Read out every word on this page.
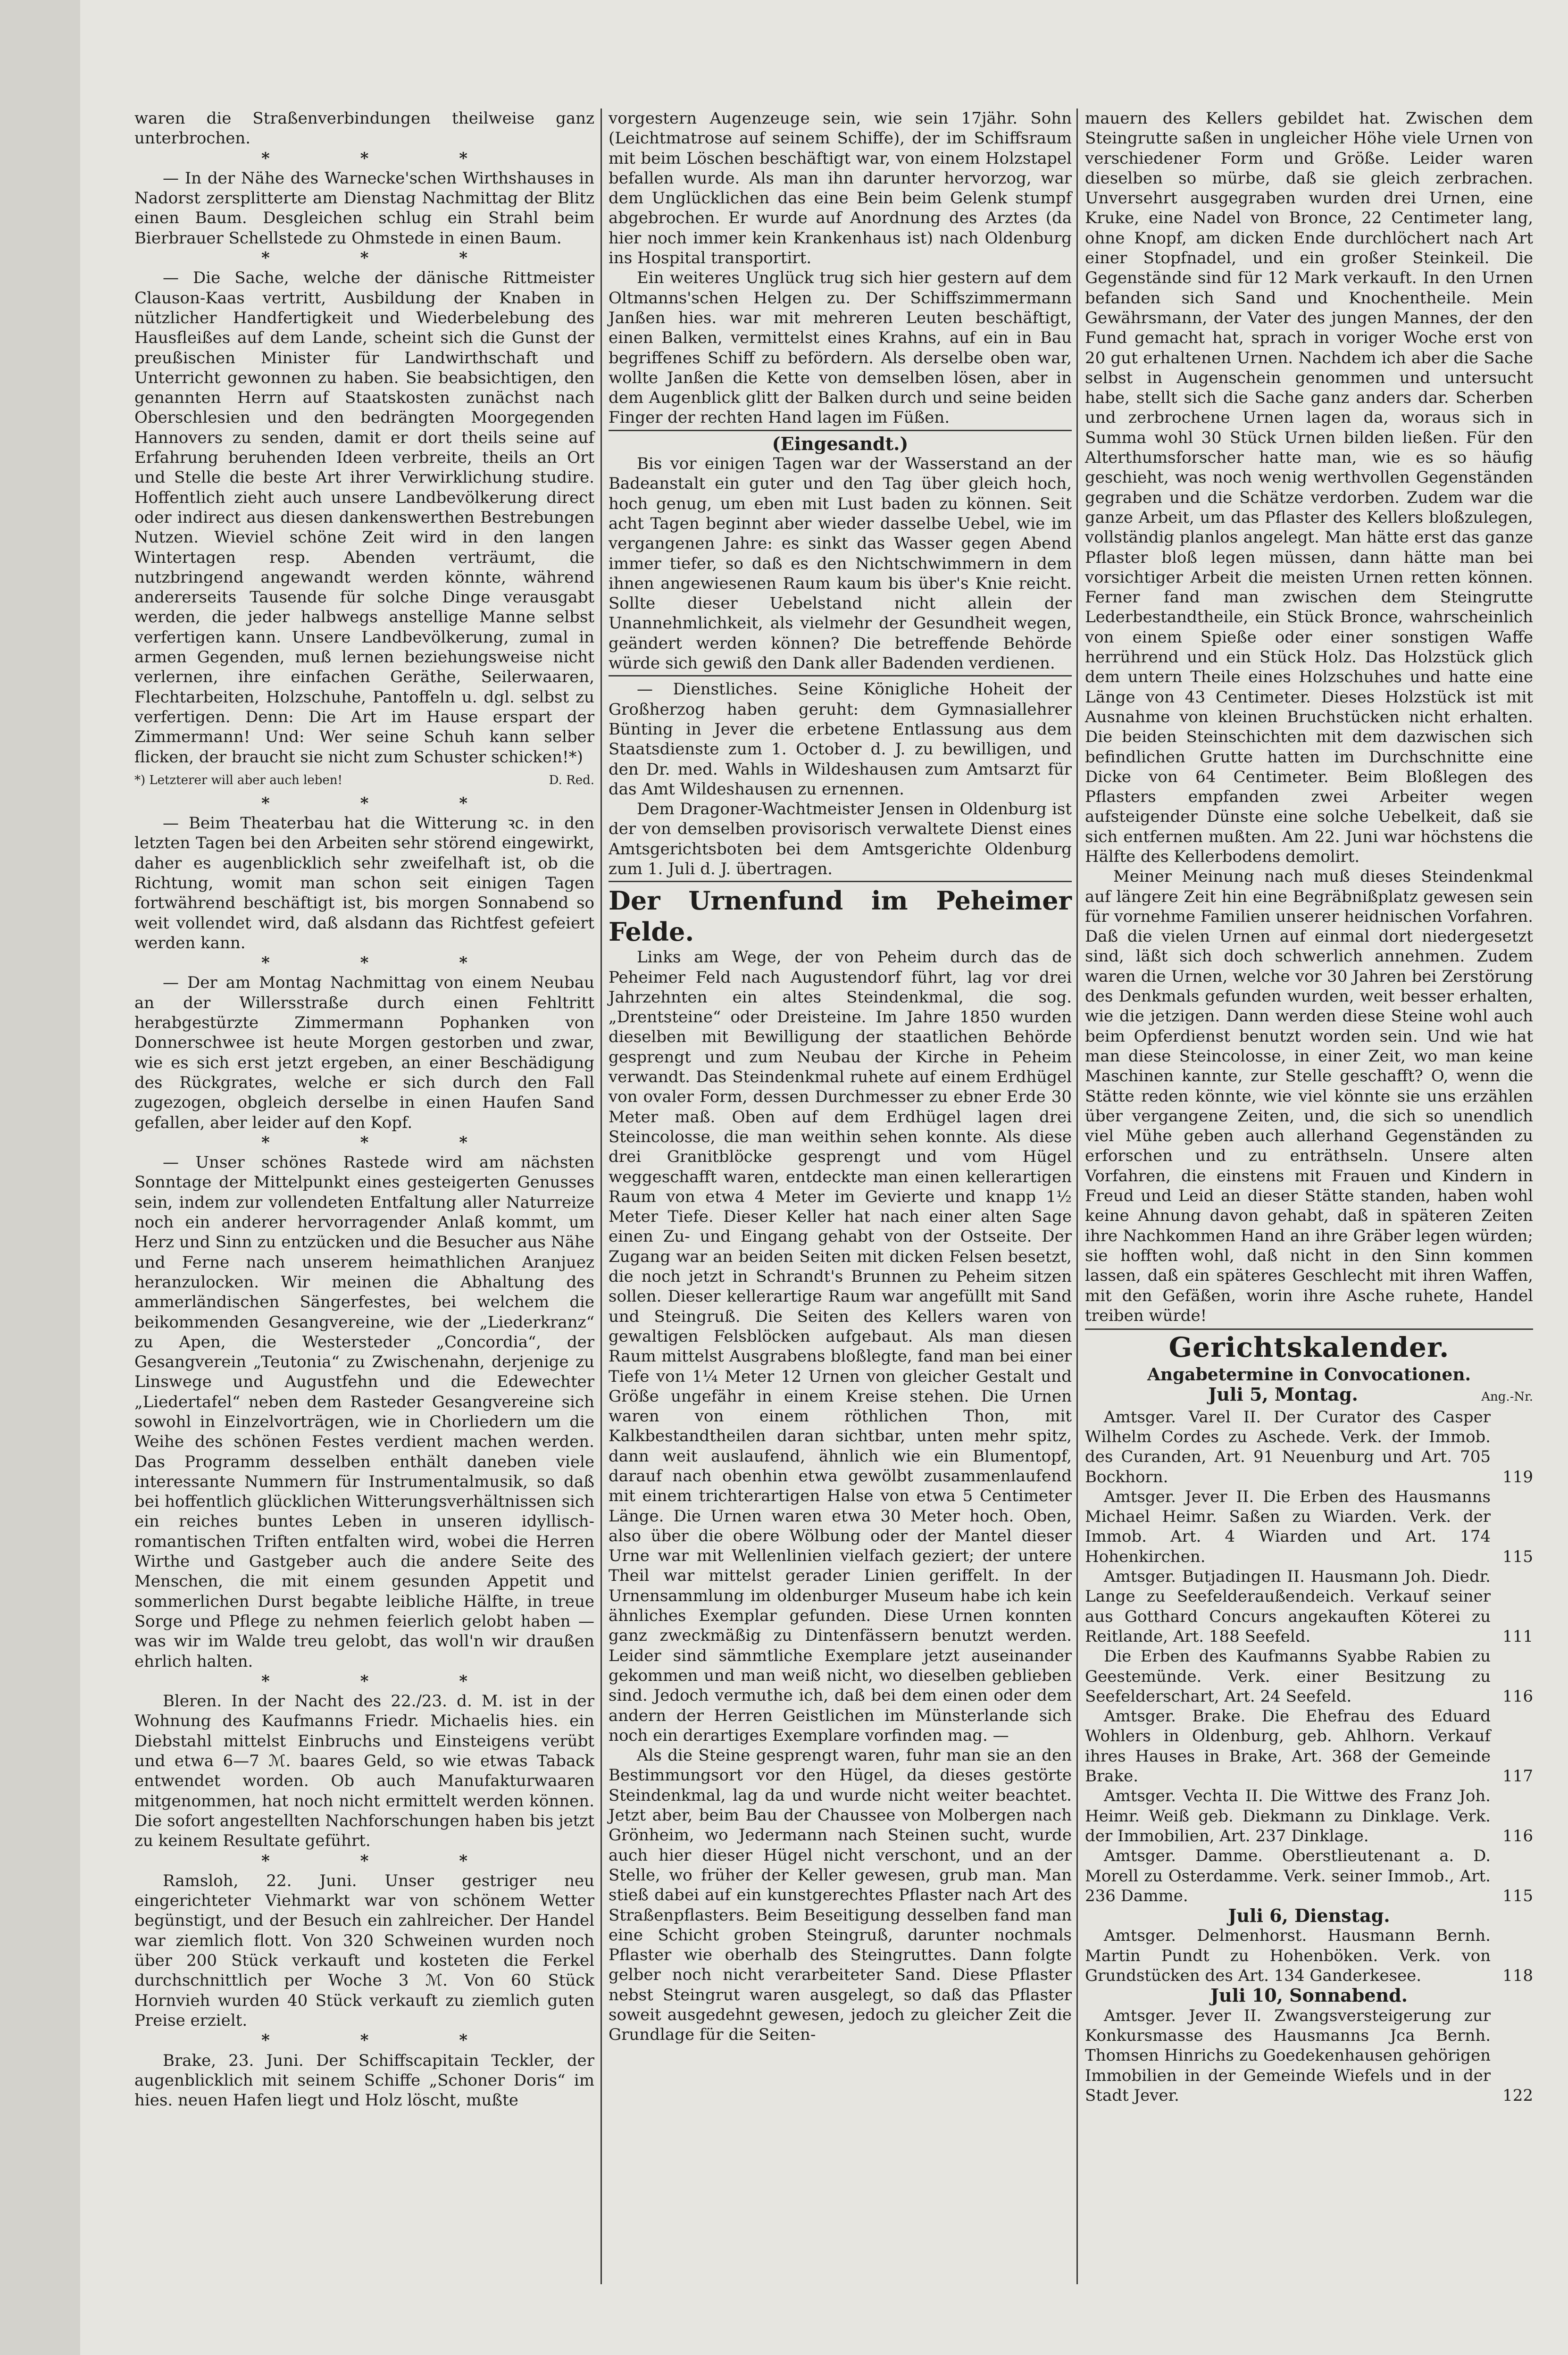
waren die Straßenverbindungen theilweise ganz unterbrochen.

* * *

— In der Nähe des Warnecke'schen Wirthshauses in Nadorst zersplitterte am Dienstag Nachmittag der Blitz einen Baum. Desgleichen schlug ein Strahl beim Bierbrauer Schellstede zu Ohmstede in einen Baum.

* * *

— Die Sache, welche der dänische Rittmeister Clauson-Kaas vertritt, Ausbildung der Knaben in nützlicher Handfertigkeit und Wiederbelebung des Hausfleißes auf dem Lande, scheint sich die Gunst der preußischen Minister für Landwirthschaft und Unterricht gewonnen zu haben. Sie beabsichtigen, den genannten Herrn auf Staatskosten zunächst nach Oberschlesien und den bedrängten Moorgegenden Hannovers zu senden, damit er dort theils seine auf Erfahrung beruhenden Ideen verbreite, theils an Ort und Stelle die beste Art ihrer Verwirklichung studire. Hoffentlich zieht auch unsere Landbevölkerung direct oder indirect aus diesen dankenswerthen Bestrebungen Nutzen. Wieviel schöne Zeit wird in den langen Wintertagen resp. Abenden verträumt, die nutzbringend angewandt werden könnte, während andererseits Tausende für solche Dinge verausgabt werden, die jeder halbwegs anstellige Manne selbst verfertigen kann. Unsere Landbevölkerung, zumal in armen Gegenden, muß lernen beziehungsweise nicht verlernen, ihre einfachen Geräthe, Seilerwaaren, Flechtarbeiten, Holzschuhe, Pantoffeln u. dgl. selbst zu verfertigen. Denn: Die Art im Hause erspart der Zimmermann! Und: Wer seine Schuh kann selber flicken, der braucht sie nicht zum Schuster schicken!*)

*) Letzterer will aber auch leben!	D. Red.

* * *

— Beim Theaterbau hat die Witterung ꝛc. in den letzten Tagen bei den Arbeiten sehr störend eingewirkt, daher es augenblicklich sehr zweifelhaft ist, ob die Richtung, womit man schon seit einigen Tagen fortwährend beschäftigt ist, bis morgen Sonnabend so weit vollendet wird, daß alsdann das Richtfest gefeiert werden kann.

* * *

— Der am Montag Nachmittag von einem Neubau an der Willersstraße durch einen Fehltritt herabgestürzte Zimmermann Pophanken von Donnerschwee ist heute Morgen gestorben und zwar, wie es sich erst jetzt ergeben, an einer Beschädigung des Rückgrates, welche er sich durch den Fall zugezogen, obgleich derselbe in einen Haufen Sand gefallen, aber leider auf den Kopf.

* * *

— Unser schönes Rastede wird am nächsten Sonntage der Mittelpunkt eines gesteigerten Genusses sein, indem zur vollendeten Entfaltung aller Naturreize noch ein anderer hervorragender Anlaß kommt, um Herz und Sinn zu entzücken und die Besucher aus Nähe und Ferne nach unserem heimathlichen Aranjuez heranzulocken. Wir meinen die Abhaltung des ammerländischen Sängerfestes, bei welchem die beikommenden Gesangvereine, wie der „Liederkranz“ zu Apen, die Westersteder „Concordia“, der Gesangverein „Teutonia“ zu Zwischenahn, derjenige zu Linswege und Augustfehn und die Edewechter „Liedertafel“ neben dem Rasteder Gesangvereine sich sowohl in Einzelvorträgen, wie in Chorliedern um die Weihe des schönen Festes verdient machen werden. Das Programm desselben enthält daneben viele interessante Nummern für Instrumentalmusik, so daß bei hoffentlich glücklichen Witterungsverhältnissen sich ein reiches buntes Leben in unseren idyllisch-romantischen Triften entfalten wird, wobei die Herren Wirthe und Gastgeber auch die andere Seite des Menschen, die mit einem gesunden Appetit und sommerlichen Durst begabte leibliche Hälfte, in treue Sorge und Pflege zu nehmen feierlich gelobt haben — was wir im Walde treu gelobt, das woll'n wir draußen ehrlich halten.

* * *

Bleren. In der Nacht des 22./23. d. M. ist in der Wohnung des Kaufmanns Friedr. Michaelis hies. ein Diebstahl mittelst Einbruchs und Einsteigens verübt und etwa 6—7 ℳ. baares Geld, so wie etwas Taback entwendet worden. Ob auch Manufakturwaaren mitgenommen, hat noch nicht ermittelt werden können. Die sofort angestellten Nachforschungen haben bis jetzt zu keinem Resultate geführt.

* * *

Ramsloh, 22. Juni. Unser gestriger neu eingerichteter Viehmarkt war von schönem Wetter begünstigt, und der Besuch ein zahlreicher. Der Handel war ziemlich flott. Von 320 Schweinen wurden noch über 200 Stück verkauft und kosteten die Ferkel durchschnittlich per Woche 3 ℳ. Von 60 Stück Hornvieh wurden 40 Stück verkauft zu ziemlich guten Preise erzielt.

* * *

Brake, 23. Juni. Der Schiffscapitain Teckler, der augenblicklich mit seinem Schiffe „Schoner Doris“ im hies. neuen Hafen liegt und Holz löscht, mußte

vorgestern Augenzeuge sein, wie sein 17jähr. Sohn (Leichtmatrose auf seinem Schiffe), der im Schiffsraum mit beim Löschen beschäftigt war, von einem Holzstapel befallen wurde. Als man ihn darunter hervorzog, war dem Unglücklichen das eine Bein beim Gelenk stumpf abgebrochen. Er wurde auf Anordnung des Arztes (da hier noch immer kein Krankenhaus ist) nach Oldenburg ins Hospital transportirt.

Ein weiteres Unglück trug sich hier gestern auf dem Oltmanns'schen Helgen zu. Der Schiffszimmermann Janßen hies. war mit mehreren Leuten beschäftigt, einen Balken, vermittelst eines Krahns, auf ein in Bau begriffenes Schiff zu befördern. Als derselbe oben war, wollte Janßen die Kette von demselben lösen, aber in dem Augenblick glitt der Balken durch und seine beiden Finger der rechten Hand lagen im Füßen.

(Eingesandt.)

Bis vor einigen Tagen war der Wasserstand an der Badeanstalt ein guter und den Tag über gleich hoch, hoch genug, um eben mit Lust baden zu können. Seit acht Tagen beginnt aber wieder dasselbe Uebel, wie im vergangenen Jahre: es sinkt das Wasser gegen Abend immer tiefer, so daß es den Nichtschwimmern in dem ihnen angewiesenen Raum kaum bis über's Knie reicht. Sollte dieser Uebelstand nicht allein der Unannehmlichkeit, als vielmehr der Gesundheit wegen, geändert werden können? Die betreffende Behörde würde sich gewiß den Dank aller Badenden verdienen.

— Dienstliches. Seine Königliche Hoheit der Großherzog haben geruht: dem Gymnasiallehrer Bünting in Jever die erbetene Entlassung aus dem Staatsdienste zum 1. October d. J. zu bewilligen, und den Dr. med. Wahls in Wildeshausen zum Amtsarzt für das Amt Wildeshausen zu ernennen.

Dem Dragoner-Wachtmeister Jensen in Oldenburg ist der von demselben provisorisch verwaltete Dienst eines Amtsgerichtsboten bei dem Amtsgerichte Oldenburg zum 1. Juli d. J. übertragen.

Der Urnenfund im Peheimer Felde.

Links am Wege, der von Peheim durch das de Peheimer Feld nach Augustendorf führt, lag vor drei Jahrzehnten ein altes Steindenkmal, die sog. „Drentsteine“ oder Dreisteine. Im Jahre 1850 wurden dieselben mit Bewilligung der staatlichen Behörde gesprengt und zum Neubau der Kirche in Peheim verwandt. Das Steindenkmal ruhete auf einem Erdhügel von ovaler Form, dessen Durchmesser zu ebner Erde 30 Meter maß. Oben auf dem Erdhügel lagen drei Steincolosse, die man weithin sehen konnte. Als diese drei Granitblöcke gesprengt und vom Hügel weggeschafft waren, entdeckte man einen kellerartigen Raum von etwa 4 Meter im Gevierte und knapp 1½ Meter Tiefe. Dieser Keller hat nach einer alten Sage einen Zu- und Eingang gehabt von der Ostseite. Der Zugang war an beiden Seiten mit dicken Felsen besetzt, die noch jetzt in Schrandt's Brunnen zu Peheim sitzen sollen. Dieser kellerartige Raum war angefüllt mit Sand und Steingruß. Die Seiten des Kellers waren von gewaltigen Felsblöcken aufgebaut. Als man diesen Raum mittelst Ausgrabens bloßlegte, fand man bei einer Tiefe von 1¼ Meter 12 Urnen von gleicher Gestalt und Größe ungefähr in einem Kreise stehen. Die Urnen waren von einem röthlichen Thon, mit Kalkbestandtheilen daran sichtbar, unten mehr spitz, dann weit auslaufend, ähnlich wie ein Blumentopf, darauf nach obenhin etwa gewölbt zusammenlaufend mit einem trichterartigen Halse von etwa 5 Centimeter Länge. Die Urnen waren etwa 30 Meter hoch. Oben, also über die obere Wölbung oder der Mantel dieser Urne war mit Wellenlinien vielfach geziert; der untere Theil war mittelst gerader Linien geriffelt. In der Urnensammlung im oldenburger Museum habe ich kein ähnliches Exemplar gefunden. Diese Urnen konnten ganz zweckmäßig zu Dintenfässern benutzt werden. Leider sind sämmtliche Exemplare jetzt auseinander gekommen und man weiß nicht, wo dieselben geblieben sind. Jedoch vermuthe ich, daß bei dem einen oder dem andern der Herren Geistlichen im Münsterlande sich noch ein derartiges Exemplare vorfinden mag. —

Als die Steine gesprengt waren, fuhr man sie an den Bestimmungsort vor den Hügel, da dieses gestörte Steindenkmal, lag da und wurde nicht weiter beachtet. Jetzt aber, beim Bau der Chaussee von Molbergen nach Grönheim, wo Jedermann nach Steinen sucht, wurde auch hier dieser Hügel nicht verschont, und an der Stelle, wo früher der Keller gewesen, grub man. Man stieß dabei auf ein kunstgerechtes Pflaster nach Art des Straßenpflasters. Beim Beseitigung desselben fand man eine Schicht groben Steingruß, darunter nochmals Pflaster wie oberhalb des Steingruttes. Dann folgte gelber noch nicht verarbeiteter Sand. Diese Pflaster nebst Steingrut waren ausgelegt, so daß das Pflaster soweit ausgedehnt gewesen, jedoch zu gleicher Zeit die Grundlage für die Seiten-

mauern des Kellers gebildet hat. Zwischen dem Steingrutte saßen in ungleicher Höhe viele Urnen von verschiedener Form und Größe. Leider waren dieselben so mürbe, daß sie gleich zerbrachen. Unversehrt ausgegraben wurden drei Urnen, eine Kruke, eine Nadel von Bronce, 22 Centimeter lang, ohne Knopf, am dicken Ende durchlöchert nach Art einer Stopfnadel, und ein großer Steinkeil. Die Gegenstände sind für 12 Mark verkauft. In den Urnen befanden sich Sand und Knochentheile. Mein Gewährsmann, der Vater des jungen Mannes, der den Fund gemacht hat, sprach in voriger Woche erst von 20 gut erhaltenen Urnen. Nachdem ich aber die Sache selbst in Augenschein genommen und untersucht habe, stellt sich die Sache ganz anders dar. Scherben und zerbrochene Urnen lagen da, woraus sich in Summa wohl 30 Stück Urnen bilden ließen. Für den Alterthumsforscher hatte man, wie es so häufig geschieht, was noch wenig werthvollen Gegenständen gegraben und die Schätze verdorben. Zudem war die ganze Arbeit, um das Pflaster des Kellers bloßzulegen, vollständig planlos angelegt. Man hätte erst das ganze Pflaster bloß legen müssen, dann hätte man bei vorsichtiger Arbeit die meisten Urnen retten können. Ferner fand man zwischen dem Steingrutte Lederbestandtheile, ein Stück Bronce, wahrscheinlich von einem Spieße oder einer sonstigen Waffe herrührend und ein Stück Holz. Das Holzstück glich dem untern Theile eines Holzschuhes und hatte eine Länge von 43 Centimeter. Dieses Holzstück ist mit Ausnahme von kleinen Bruchstücken nicht erhalten. Die beiden Steinschichten mit dem dazwischen sich befindlichen Grutte hatten im Durchschnitte eine Dicke von 64 Centimeter. Beim Bloßlegen des Pflasters empfanden zwei Arbeiter wegen aufsteigender Dünste eine solche Uebelkeit, daß sie sich entfernen mußten. Am 22. Juni war höchstens die Hälfte des Kellerbodens demolirt.

Meiner Meinung nach muß dieses Steindenkmal auf längere Zeit hin eine Begräbnißplatz gewesen sein für vornehme Familien unserer heidnischen Vorfahren. Daß die vielen Urnen auf einmal dort niedergesetzt sind, läßt sich doch schwerlich annehmen. Zudem waren die Urnen, welche vor 30 Jahren bei Zerstörung des Denkmals gefunden wurden, weit besser erhalten, wie die jetzigen. Dann werden diese Steine wohl auch beim Opferdienst benutzt worden sein. Und wie hat man diese Steincolosse, in einer Zeit, wo man keine Maschinen kannte, zur Stelle geschafft? O, wenn die Stätte reden könnte, wie viel könnte sie uns erzählen über vergangene Zeiten, und, die sich so unendlich viel Mühe geben auch allerhand Gegenständen zu erforschen und zu enträthseln. Unsere alten Vorfahren, die einstens mit Frauen und Kindern in Freud und Leid an dieser Stätte standen, haben wohl keine Ahnung davon gehabt, daß in späteren Zeiten ihre Nachkommen Hand an ihre Gräber legen würden; sie hofften wohl, daß nicht in den Sinn kommen lassen, daß ein späteres Geschlecht mit ihren Waffen, mit den Gefäßen, worin ihre Asche ruhete, Handel treiben würde!

Gerichtskalender.

Angabetermine in Convocationen.

Juli 5, Montag.	Ang.-Nr.

Amtsger. Varel II. Der Curator des Casper Wilhelm Cordes zu Aschede. Verk. der Immob. des Curanden, Art. 91 Neuenburg und Art. 705 Bockhorn.	119

Amtsger. Jever II. Die Erben des Hausmanns Michael Heimr. Saßen zu Wiarden. Verk. der Immob. Art. 4 Wiarden und Art. 174 Hohenkirchen.	115

Amtsger. Butjadingen II. Hausmann Joh. Diedr. Lange zu Seefelderaußendeich. Verkauf seiner aus Gotthard Concurs angekauften Köterei zu Reitlande, Art. 188 Seefeld.	111

Die Erben des Kaufmanns Syabbe Rabien zu Geestemünde. Verk. einer Besitzung zu Seefelderschart, Art. 24 Seefeld.	116

Amtsger. Brake. Die Ehefrau des Eduard Wohlers in Oldenburg, geb. Ahlhorn. Verkauf ihres Hauses in Brake, Art. 368 der Gemeinde Brake.	117

Amtsger. Vechta II. Die Wittwe des Franz Joh. Heimr. Weiß geb. Diekmann zu Dinklage. Verk. der Immobilien, Art. 237 Dinklage.	116

Amtsger. Damme. Oberstlieutenant a. D. Morell zu Osterdamme. Verk. seiner Immob., Art. 236 Damme.	115

Juli 6, Dienstag.

Amtsger. Delmenhorst. Hausmann Bernh. Martin Pundt zu Hohenböken. Verk. von Grundstücken des Art. 134 Ganderkesee.	118

Juli 10, Sonnabend.

Amtsger. Jever II. Zwangsversteigerung zur Konkursmasse des Hausmanns Jca Bernh. Thomsen Hinrichs zu Goedekenhausen gehörigen Immobilien in der Gemeinde Wiefels und in der Stadt Jever.	122
